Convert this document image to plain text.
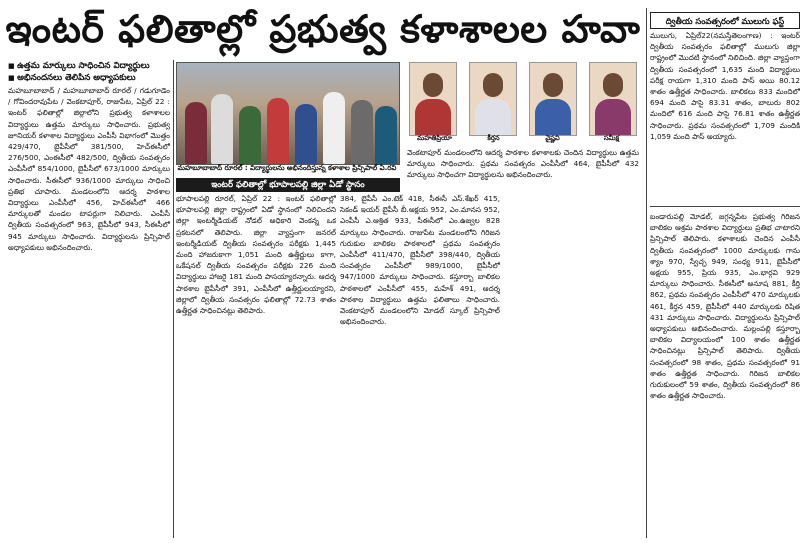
ఇంటర్ ఫలితాల్లో ప్రభుత్వ కళాశాలల హవా
■ ఉత్తమ మార్కులు సాధించిన విద్యార్థులు
■ అభినందనలు తెలిపిన అధ్యాపకులు
మహబూబాబాద్ / మహబూబాబాద్ రూరల్ / గడుగూడెం / గోవిందరావుపేట / వెంకటాపూర్, రాజుపేట, ఏప్రిల్ 22 : ఇంటర్ ఫలితాల్లో జిల్లాలోని ప్రభుత్వ కళాశాలల విద్యార్థులు ఉత్తమ మార్కులు సాధించారు. ప్రభుత్వ జూనియర్ కళాశాల విద్యార్థులు ఎంపీసీ విభాగంలో మొత్తం 429/470, బైపీసీలో 381/500, హెచ్ఈసీలో 276/500, ఎంఈసీలో 482/500, ద్వితీయ సంవత్సరం ఎంపీసీలో 854/1000, బైపీసీలో 673/1000 మార్కులు సాధించారు. సీఈసీలో 936/1000 మార్కులు సాధించి ప్రతిభ చూపారు. మండలంలోని ఆదర్శ పాఠశాల విద్యార్థులు ఎంపీసీలో 456, హెచ్ఈసీలో 466 మార్కులతో మండల టాపర్లుగా నిలిచారు. ఎంపీసీ ద్వితీయ సంవత్సరంలో 963, బైపీసీలో 943, సీఈసీలో 945 మార్కులు సాధించారు. విద్యార్థులను ప్రిన్సిపాల్ అధ్యాపకులు అభినందించారు.
మహబూబాబాద్ రూరల్ : విద్యార్థులను అభినందిస్తున్న కళాశాల ప్రిన్సిపాల్ ఏ.రవి
ఇంటర్ ఫలితాల్లో భూపాలపల్లి జిల్లా ఏడో స్థానం
భూపాలపల్లి రూరల్, ఏప్రిల్ 22 : ఇంటర్ ఫలితాల్లో భూపాలపల్లి జిల్లా రాష్ట్రంలో ఏడో స్థానంలో నిలిచిందని జిల్లా ఇంటర్మీడియట్ నోడల్ అధికారి వెంకన్న ఒక ప్రకటనలో తెలిపారు. జిల్లా వ్యాప్తంగా జనరల్ ఇంటర్మీడియట్ ద్వితీయ సంవత్సరం పరీక్షకు 1,445 మంది హాజరుకాగా 1,051 మంది ఉత్తీర్ణులు కాగా, ఒకేషనల్ ద్వితీయ సంవత్సరం పరీక్షకు 226 మంది విద్యార్థులు హాజరై 181 మంది పాసయ్యారన్నారు. ఆదర్శ పాఠశాల బైపీసీలో 391, ఎంపీసీలో ఉత్తీర్ణులయ్యారని, జిల్లాలో ద్వితీయ సంవత్సరం ఫలితాల్లో 72.73 శాతం ఉత్తీర్ణత సాధించినట్లు తెలిపారు.
384, బైపీసీ ఎం.టెక్ 418, సీఈసీ ఎస్.శేఖర్ 415, సెకండ్ ఇయర్ బైపీసీ బీ.అక్షయ 952, ఎం.మానస 952, ఎంపీసీ ఎ.ఆశ్రిత 933, సీఈసీలో ఎం.ఉజ్వల 828 మార్కులు సాధించారు. రాజుపేట మండలంలోని గిరిజన గురుకుల బాలికల పాఠశాలలో ప్రథమ సంవత్సరం ఎంపీసీలో 411/470, బైపీసీలో 398/440, ద్వితీయ సంవత్సరం ఎంపీసీలో 989/1000, బైపీసీలో 947/1000 మార్కులు సాధించారు. కస్తూర్బా బాలికల పాఠశాలలో ఎంపీసీలో 455, మహేశ్ 491, ఆదర్శ పాఠశాల విద్యార్థులు ఉత్తమ ఫలితాలు సాధించారు. వెంకటాపూర్ మండలంలోని మోడల్ స్కూల్ ప్రిన్సిపాల్ అభినందించారు.
మహతిప్రియా	కీర్తన	వైష్ణవి	సమీక్ష
వెంకటాపూర్ మండలంలోని ఆదర్శ పాఠశాల కళాశాలకు చెందిన విద్యార్థులు ఉత్తమ మార్కులు సాధించారు. ప్రథమ సంవత్సరం ఎంపీసీలో 464, బైపీసీలో 432 మార్కులు సాధించగా విద్యార్థులను అభినందించారు.
ద్వితీయ సంవత్సరంలో ములుగు ఫస్ట్
ములుగు, ఏప్రిల్22(నమస్తేతెలంగాణ) : ఇంటర్ ద్వితీయ సంవత్సరం ఫలితాల్లో ములుగు జిల్లా రాష్ట్రంలో మొదటి స్థానంలో నిలిచింది. జిల్లా వ్యాప్తంగా ద్వితీయ సంవత్సరంలో 1,635 మంది విద్యార్థులు పరీక్ష రాయగా 1,310 మంది పాస్ అయి 80.12 శాతం ఉత్తీర్ణత సాధించారు. బాలికలు 833 మందిలో 694 మంది పాసై 83.31 శాతం, బాలురు 802 మందిలో 616 మంది పాసై 76.81 శాతం ఉత్తీర్ణత సాధించారు. ప్రథమ సంవత్సరంలో 1,709 మందికి 1,059 మంది పాస్ అయ్యారు.
బండారుపల్లి మోడల్, జగ్గన్నపేట ప్రభుత్వ గిరిజన బాలికల ఆశ్రమ పాఠశాల విద్యార్థులు ప్రతిభ చాటారని ప్రిన్సిపాల్ తెలిపారు. కళాశాలకు చెందిన ఎంపీసీ ద్వితీయ సంవత్సరంలో 1000 మార్కులకు గాను శ్యాం 970, స్వేచ్ఛ 949, సంధ్య 911, బైపీసీలో అక్షయ 955, ప్రియ 935, ఎం.భార్గవి 929 మార్కులు సాధించారు. సీఈసీలో అనూష 881, కీర్తి 862, ప్రథమ సంవత్సరం ఎంపీసీలో 470 మార్కులకు 461, కీర్తన 459, బైపీసీలో 440 మార్కులకు రిషిత 431 మార్కులు సాధించారు. విద్యార్థులను ప్రిన్సిపాల్ అధ్యాపకులు అభినందించారు. మల్లంపల్లి కస్తూర్బా బాలికల విద్యాలయంలో 100 శాతం ఉత్తీర్ణత సాధించినట్లు ప్రిన్సిపాల్ తెలిపారు. ద్వితీయ సంవత్సరంలో 98 శాతం, ప్రథమ సంవత్సరంలో 91 శాతం ఉత్తీర్ణత సాధించారు. గిరిజన బాలికల గురుకులంలో 59 శాతం, ద్వితీయ సంవత్సరంలో 86 శాతం ఉత్తీర్ణత సాధించారు.
